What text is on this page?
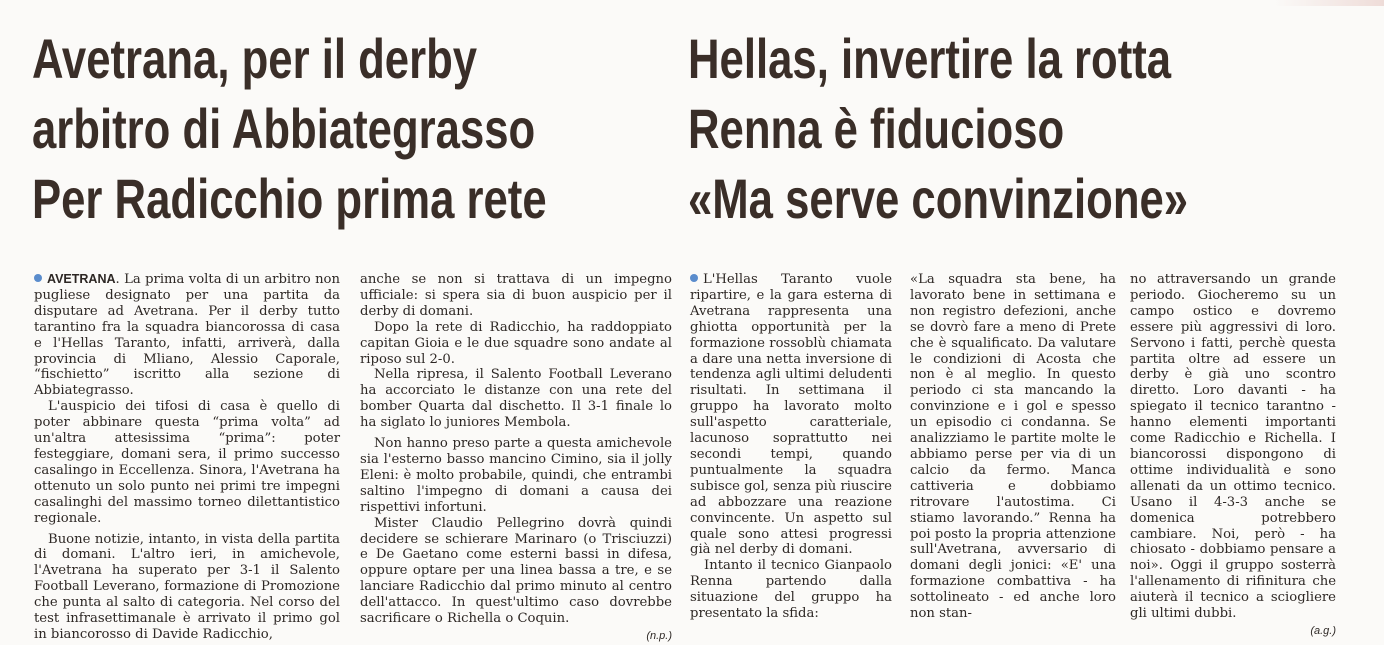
Avetrana, per il derby
arbitro di Abbiategrasso
Per Radicchio prima rete
Hellas, invertire la rotta
Renna è fiducioso
«Ma serve convinzione»

AVETRANA. La prima volta di un arbitro non pugliese designato per una partita da disputare ad Avetrana. Per il derby tutto tarantino fra la squadra biancorossa di casa e l'Hellas Taranto, infatti, arriverà, dalla provincia di Mliano, Alessio Caporale, “fischietto” iscritto alla sezione di Abbiategrasso.

L'auspicio dei tifosi di casa è quello di poter abbinare questa “prima volta” ad un'altra attesissima “prima”: poter festeggiare, domani sera, il primo successo casalingo in Eccellenza. Sinora, l'Avetrana ha ottenuto un solo punto nei primi tre impegni casalinghi del massimo torneo dilettantistico regionale.

Buone notizie, intanto, in vista della partita di domani. L'altro ieri, in amichevole, l'Avetrana ha superato per 3-1 il Salento Football Leverano, formazione di Promozione che punta al salto di categoria. Nel corso del test infrasettimanale è arrivato il primo gol in biancorosso di Davide Radicchio,

anche se non si trattava di un impegno ufficiale: si spera sia di buon auspicio per il derby di domani.

Dopo la rete di Radicchio, ha raddoppiato capitan Gioia e le due squadre sono andate al riposo sul 2-0.

Nella ripresa, il Salento Football Leverano ha accorciato le distanze con una rete del bomber Quarta dal dischetto. Il 3-1 finale lo ha siglato lo juniores Membola.

Non hanno preso parte a questa amichevole sia l'esterno basso mancino Cimino, sia il jolly Eleni: è molto probabile, quindi, che entrambi saltino l'impegno di domani a causa dei rispettivi infortuni.

Mister Claudio Pellegrino dovrà quindi decidere se schierare Marinaro (o Trisciuzzi) e De Gaetano come esterni bassi in difesa, oppure optare per una linea bassa a tre, e se lanciare Radicchio dal primo minuto al centro dell'attacco. In quest'ultimo caso dovrebbe sacrificare o Richella o Coquin.

(n.p.)

L'Hellas Taranto vuole ripartire, e la gara esterna di Avetrana rappresenta una ghiotta opportunità per la formazione rossoblù chiamata a dare una netta inversione di tendenza agli ultimi deludenti risultati. In settimana il gruppo ha lavorato molto sull'aspetto caratteriale, lacunoso soprattutto nei secondi tempi, quando puntualmente la squadra subisce gol, senza più riuscire ad abbozzare una reazione convincente. Un aspetto sul quale sono attesi progressi già nel derby di domani.

Intanto il tecnico Gianpaolo Renna partendo dalla situazione del gruppo ha presentato la sfida:

«La squadra sta bene, ha lavorato bene in settimana e non registro defezioni, anche se dovrò fare a meno di Prete che è squalificato. Da valutare le condizioni di Acosta che non è al meglio. In questo periodo ci sta mancando la convinzione e i gol e spesso un episodio ci condanna. Se analizziamo le partite molte le abbiamo perse per via di un calcio da fermo. Manca cattiveria e dobbiamo ritrovare l'autostima. Ci stiamo lavorando.” Renna ha poi posto la propria attenzione sull'Avetrana, avversario di domani degli jonici: «E' una formazione combattiva - ha sottolineato - ed anche loro non stan-

no attraversando un grande periodo. Giocheremo su un campo ostico e dovremo essere più aggressivi di loro. Servono i fatti, perchè questa partita oltre ad essere un derby è già uno scontro diretto. Loro davanti - ha spiegato il tecnico tarantno - hanno elementi importanti come Radicchio e Richella. I biancorossi dispongono di ottime individualità e sono allenati da un ottimo tecnico. Usano il 4-3-3 anche se domenica potrebbero cambiare. Noi, però - ha chiosato - dobbiamo pensare a noi». Oggi il gruppo sosterrà l'allenamento di rifinitura che aiuterà il tecnico a sciogliere gli ultimi dubbi.

(a.g.)
